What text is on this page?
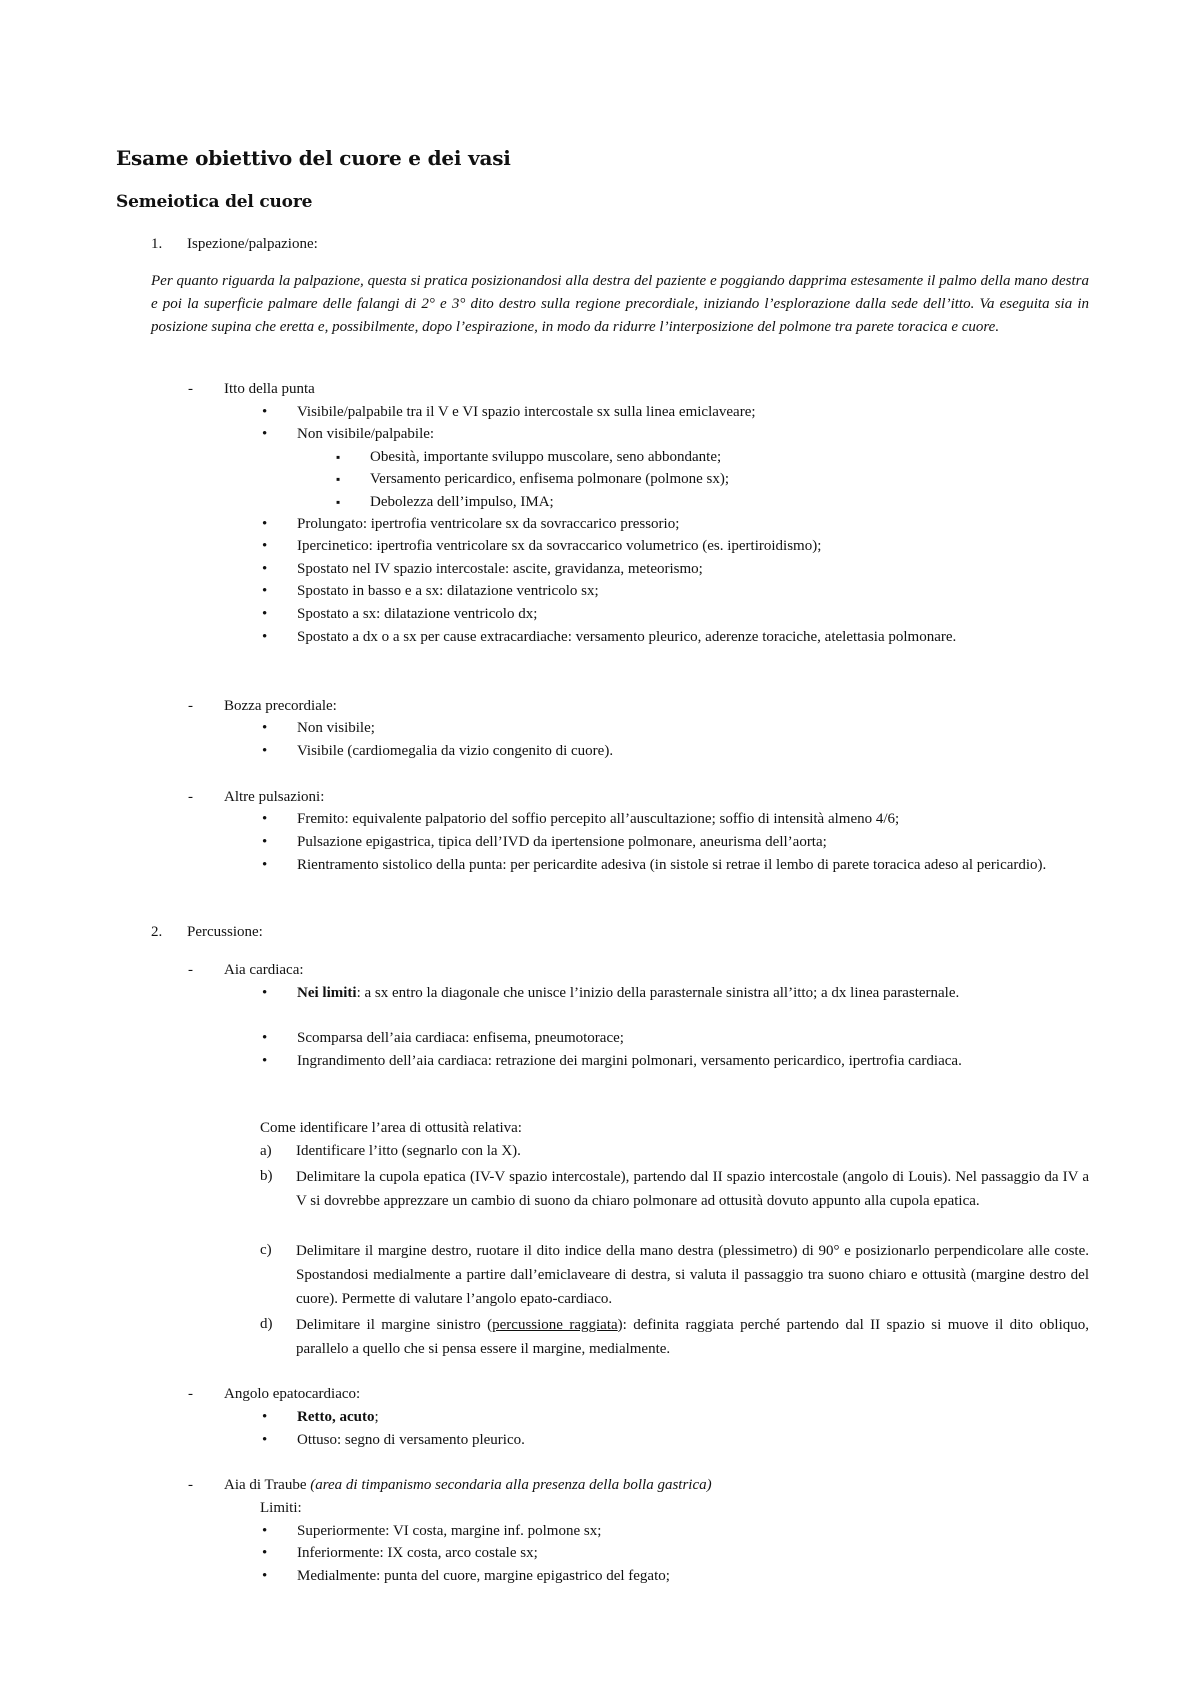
Esame obiettivo del cuore e dei vasi
Semeiotica del cuore
1. Ispezione/palpazione:
Per quanto riguarda la palpazione, questa si pratica posizionandosi alla destra del paziente e poggiando dapprima estesamente il palmo della mano destra e poi la superficie palmare delle falangi di 2° e 3° dito destro sulla regione precordiale, iniziando l’esplorazione dalla sede dell’itto. Va eseguita sia in posizione supina che eretta e, possibilmente, dopo l’espirazione, in modo da ridurre l’interposizione del polmone tra parete toracica e cuore.
- Itto della punta
• Visibile/palpabile tra il V e VI spazio intercostale sx sulla linea emiclaveare;
• Non visibile/palpabile:
▪ Obesità, importante sviluppo muscolare, seno abbondante;
▪ Versamento pericardico, enfisema polmonare (polmone sx);
▪ Debolezza dell’impulso, IMA;
• Prolungato: ipertrofia ventricolare sx da sovraccarico pressorio;
• Ipercinetico: ipertrofia ventricolare sx da sovraccarico volumetrico (es. ipertiroidismo);
• Spostato nel IV spazio intercostale: ascite, gravidanza, meteorismo;
• Spostato in basso e a sx: dilatazione ventricolo sx;
• Spostato a sx: dilatazione ventricolo dx;
• Spostato a dx o a sx per cause extracardiache: versamento pleurico, aderenze toraciche, atelettasia polmonare.
- Bozza precordiale:
• Non visibile;
• Visibile (cardiomegalia da vizio congenito di cuore).
- Altre pulsazioni:
• Fremito: equivalente palpatorio del soffio percepito all’auscultazione; soffio di intensità almeno 4/6;
• Pulsazione epigastrica, tipica dell’IVD da ipertensione polmonare, aneurisma dell’aorta;
• Rientramento sistolico della punta: per pericardite adesiva (in sistole si retrae il lembo di parete toracica adeso al pericardio).
2. Percussione:
- Aia cardiaca:
• Nei limiti: a sx entro la diagonale che unisce l’inizio della parasternale sinistra all’itto; a dx linea parasternale.
• Scomparsa dell’aia cardiaca: enfisema, pneumotorace;
• Ingrandimento dell’aia cardiaca: retrazione dei margini polmonari, versamento pericardico, ipertrofia cardiaca.
Come identificare l’area di ottusità relativa:
a) Identificare l’itto (segnarlo con la X).
b) Delimitare la cupola epatica (IV-V spazio intercostale), partendo dal II spazio intercostale (angolo di Louis). Nel passaggio da IV a V si dovrebbe apprezzare un cambio di suono da chiaro polmonare ad ottusità dovuto appunto alla cupola epatica.
c) Delimitare il margine destro, ruotare il dito indice della mano destra (plessimetro) di 90° e posizionarlo perpendicolare alle coste. Spostandosi medialmente a partire dall’emiclaveare di destra, si valuta il passaggio tra suono chiaro e ottusità (margine destro del cuore). Permette di valutare l’angolo epato-cardiaco.
d) Delimitare il margine sinistro (percussione raggiata): definita raggiata perché partendo dal II spazio si muove il dito obliquo, parallelo a quello che si pensa essere il margine, medialmente.
- Angolo epatocardiaco:
• Retto, acuto;
• Ottuso: segno di versamento pleurico.
- Aia di Traube (area di timpanismo secondaria alla presenza della bolla gastrica)
Limiti:
• Superiormente: VI costa, margine inf. polmone sx;
• Inferiormente: IX costa, arco costale sx;
• Medialmente: punta del cuore, margine epigastrico del fegato;
